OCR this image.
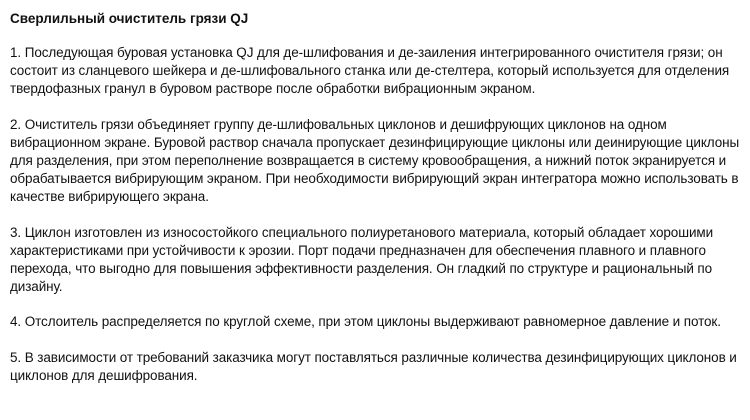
Сверлильный очиститель грязи QJ

1. Последующая буровая установка QJ для де-шлифования и де-заиления интегрированного очистителя грязи; он состоит из сланцевого шейкера и де-шлифовального станка или де-стелтера, который используется для отделения твердофазных гранул в буровом растворе после обработки вибрационным экраном.

2. Очиститель грязи объединяет группу де-шлифовальных циклонов и дешифрующих циклонов на одном вибрационном экране. Буровой раствор сначала пропускает дезинфицирующие циклоны или деинирующие циклоны для разделения, при этом переполнение возвращается в систему кровообращения, а нижний поток экранируется и обрабатывается вибрирующим экраном. При необходимости вибрирующий экран интегратора можно использовать в качестве вибрирующего экрана.

3. Циклон изготовлен из износостойкого специального полиуретанового материала, который обладает хорошими характеристиками при устойчивости к эрозии. Порт подачи предназначен для обеспечения плавного и плавного перехода, что выгодно для повышения эффективности разделения. Он гладкий по структуре и рациональный по дизайну.

4. Отслоитель распределяется по круглой схеме, при этом циклоны выдерживают равномерное давление и поток.

5. В зависимости от требований заказчика могут поставляться различные количества дезинфицирующих циклонов и циклонов для дешифрования.
